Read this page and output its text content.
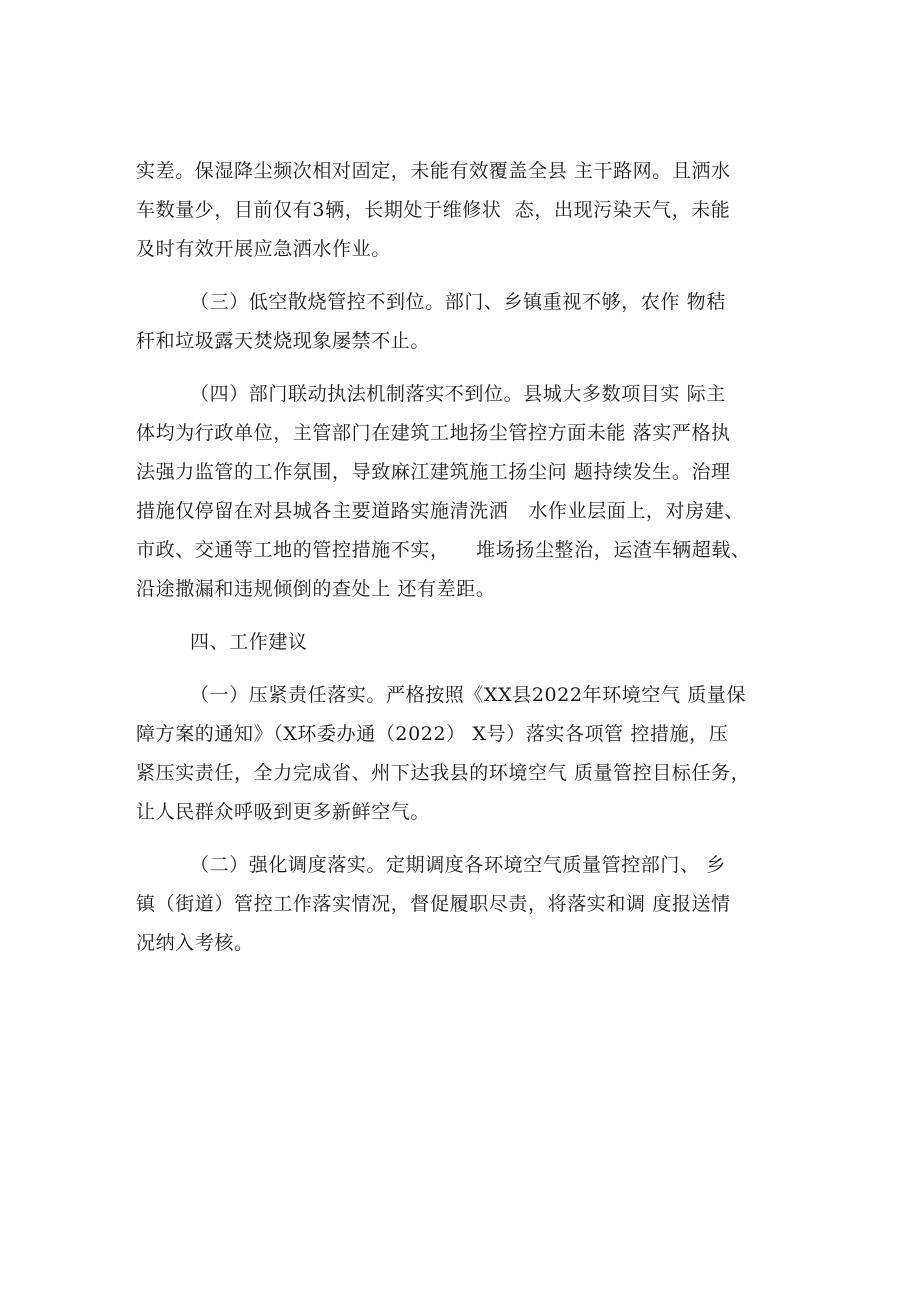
实差。保湿降尘频次相对固定，未能有效覆盖全县 主干路网。且洒水
车数量少，目前仅有3辆，长期处于维修状  态，出现污染天气，未能
及时有效开展应急洒水作业。
（三）低空散烧管控不到位。部门、乡镇重视不够，农作 物秸
秆和垃圾露天焚烧现象屡禁不止。
（四）部门联动执法机制落实不到位。县城大多数项目实 际主
体均为行政单位，主管部门在建筑工地扬尘管控方面未能 落实严格执
法强力监管的工作氛围，导致麻江建筑施工扬尘问 题持续发生。治理
措施仅停留在对县城各主要道路实施清洗洒   水作业层面上，对房建、
市政、交通等工地的管控措施不实，    堆场扬尘整治，运渣车辆超载、
沿途撒漏和违规倾倒的查处上 还有差距。
四、工作建议
（一）压紧责任落实。严格按照《XX县2022年环境空气 质量保
障方案的通知》（X环委办通（2022） X号）落实各项管 控措施，压
紧压实责任，全力完成省、州下达我县的环境空气 质量管控目标任务，
让人民群众呼吸到更多新鲜空气。
（二）强化调度落实。定期调度各环境空气质量管控部门、 乡
镇（街道）管控工作落实情况，督促履职尽责，将落实和调 度报送情
况纳入考核。
